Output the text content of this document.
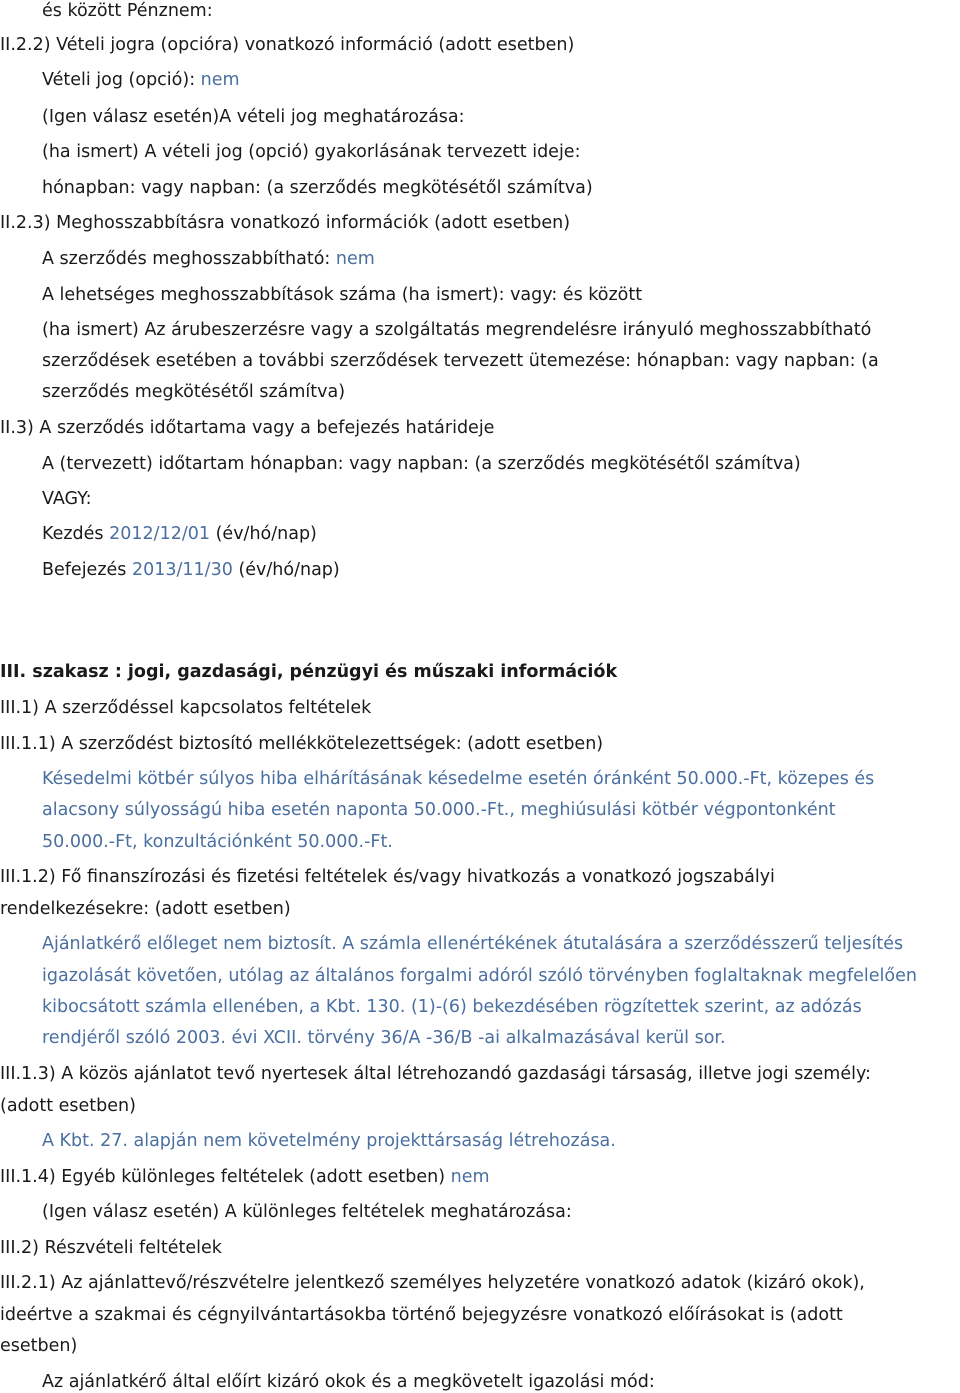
és között Pénznem:
II.2.2) Vételi jogra (opcióra) vonatkozó információ (adott esetben)
Vételi jog (opció): nem
(Igen válasz esetén)A vételi jog meghatározása:
(ha ismert) A vételi jog (opció) gyakorlásának tervezett ideje:
hónapban: vagy napban: (a szerződés megkötésétől számítva)
II.2.3) Meghosszabbításra vonatkozó információk (adott esetben)
A szerződés meghosszabbítható: nem
A lehetséges meghosszabbítások száma (ha ismert): vagy: és között
(ha ismert) Az árubeszerzésre vagy a szolgáltatás megrendelésre irányuló meghosszabbítható
szerződések esetében a további szerződések tervezett ütemezése: hónapban: vagy napban: (a
szerződés megkötésétől számítva)
II.3) A szerződés időtartama vagy a befejezés határideje
A (tervezett) időtartam hónapban: vagy napban: (a szerződés megkötésétől számítva)
VAGY:
Kezdés 2012/12/01 (év/hó/nap)
Befejezés 2013/11/30 (év/hó/nap)
III. szakasz : jogi, gazdasági, pénzügyi és műszaki információk
III.1) A szerződéssel kapcsolatos feltételek
III.1.1) A szerződést biztosító mellékkötelezettségek: (adott esetben)
Késedelmi kötbér súlyos hiba elhárításának késedelme esetén óránként 50.000.-Ft, közepes és
alacsony súlyosságú hiba esetén naponta 50.000.-Ft., meghiúsulási kötbér végpontonként
50.000.-Ft, konzultációnként 50.000.-Ft.
III.1.2) Fő finanszírozási és fizetési feltételek és/vagy hivatkozás a vonatkozó jogszabályi
rendelkezésekre: (adott esetben)
Ajánlatkérő előleget nem biztosít. A számla ellenértékének átutalására a szerződésszerű teljesítés
igazolását követően, utólag az általános forgalmi adóról szóló törvényben foglaltaknak megfelelően
kibocsátott számla ellenében, a Kbt. 130. (1)-(6) bekezdésében rögzítettek szerint, az adózás
rendjéről szóló 2003. évi XCII. törvény 36/A -36/B -ai alkalmazásával kerül sor.
III.1.3) A közös ajánlatot tevő nyertesek által létrehozandó gazdasági társaság, illetve jogi személy:
(adott esetben)
A Kbt. 27. alapján nem követelmény projekttársaság létrehozása.
III.1.4) Egyéb különleges feltételek (adott esetben) nem
(Igen válasz esetén) A különleges feltételek meghatározása:
III.2) Részvételi feltételek
III.2.1) Az ajánlattevő/részvételre jelentkező személyes helyzetére vonatkozó adatok (kizáró okok),
ideértve a szakmai és cégnyilvántartásokba történő bejegyzésre vonatkozó előírásokat is (adott
esetben)
Az ajánlatkérő által előírt kizáró okok és a megkövetelt igazolási mód:
